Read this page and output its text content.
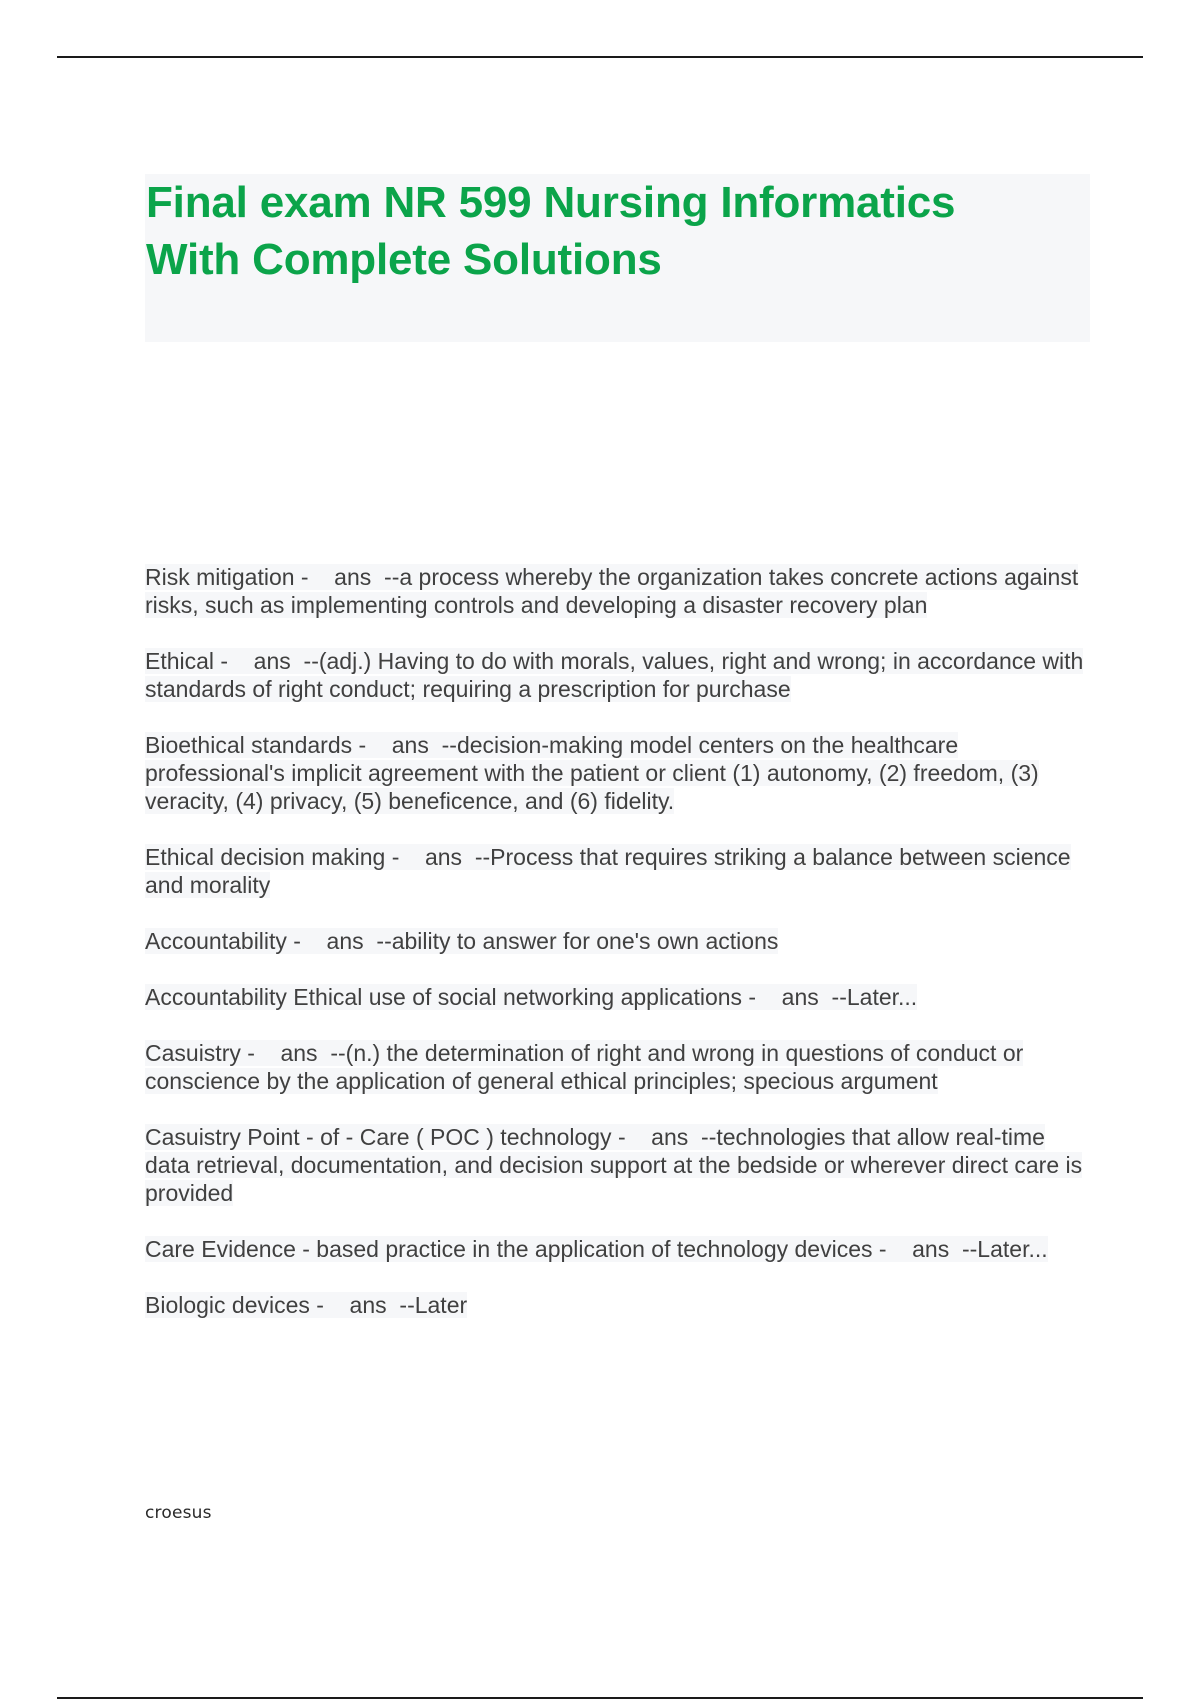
Final exam NR 599 Nursing Informatics
With Complete Solutions

Risk mitigation -    ans  --a process whereby the organization takes concrete actions against risks, such as implementing controls and developing a disaster recovery plan

Ethical -    ans  --(adj.) Having to do with morals, values, right and wrong; in accordance with standards of right conduct; requiring a prescription for purchase

Bioethical standards -    ans  --decision-making model centers on the healthcare professional's implicit agreement with the patient or client (1) autonomy, (2) freedom, (3) veracity, (4) privacy, (5) beneficence, and (6) fidelity.

Ethical decision making -    ans  --Process that requires striking a balance between science and morality

Accountability -    ans  --ability to answer for one's own actions

Accountability Ethical use of social networking applications -    ans  --Later...

Casuistry -    ans  --(n.) the determination of right and wrong in questions of conduct or conscience by the application of general ethical principles; specious argument

Casuistry Point - of - Care ( POC ) technology -    ans  --technologies that allow real-time data retrieval, documentation, and decision support at the bedside or wherever direct care is provided

Care Evidence - based practice in the application of technology devices -    ans  --Later...

Biologic devices -    ans  --Later

croesus
